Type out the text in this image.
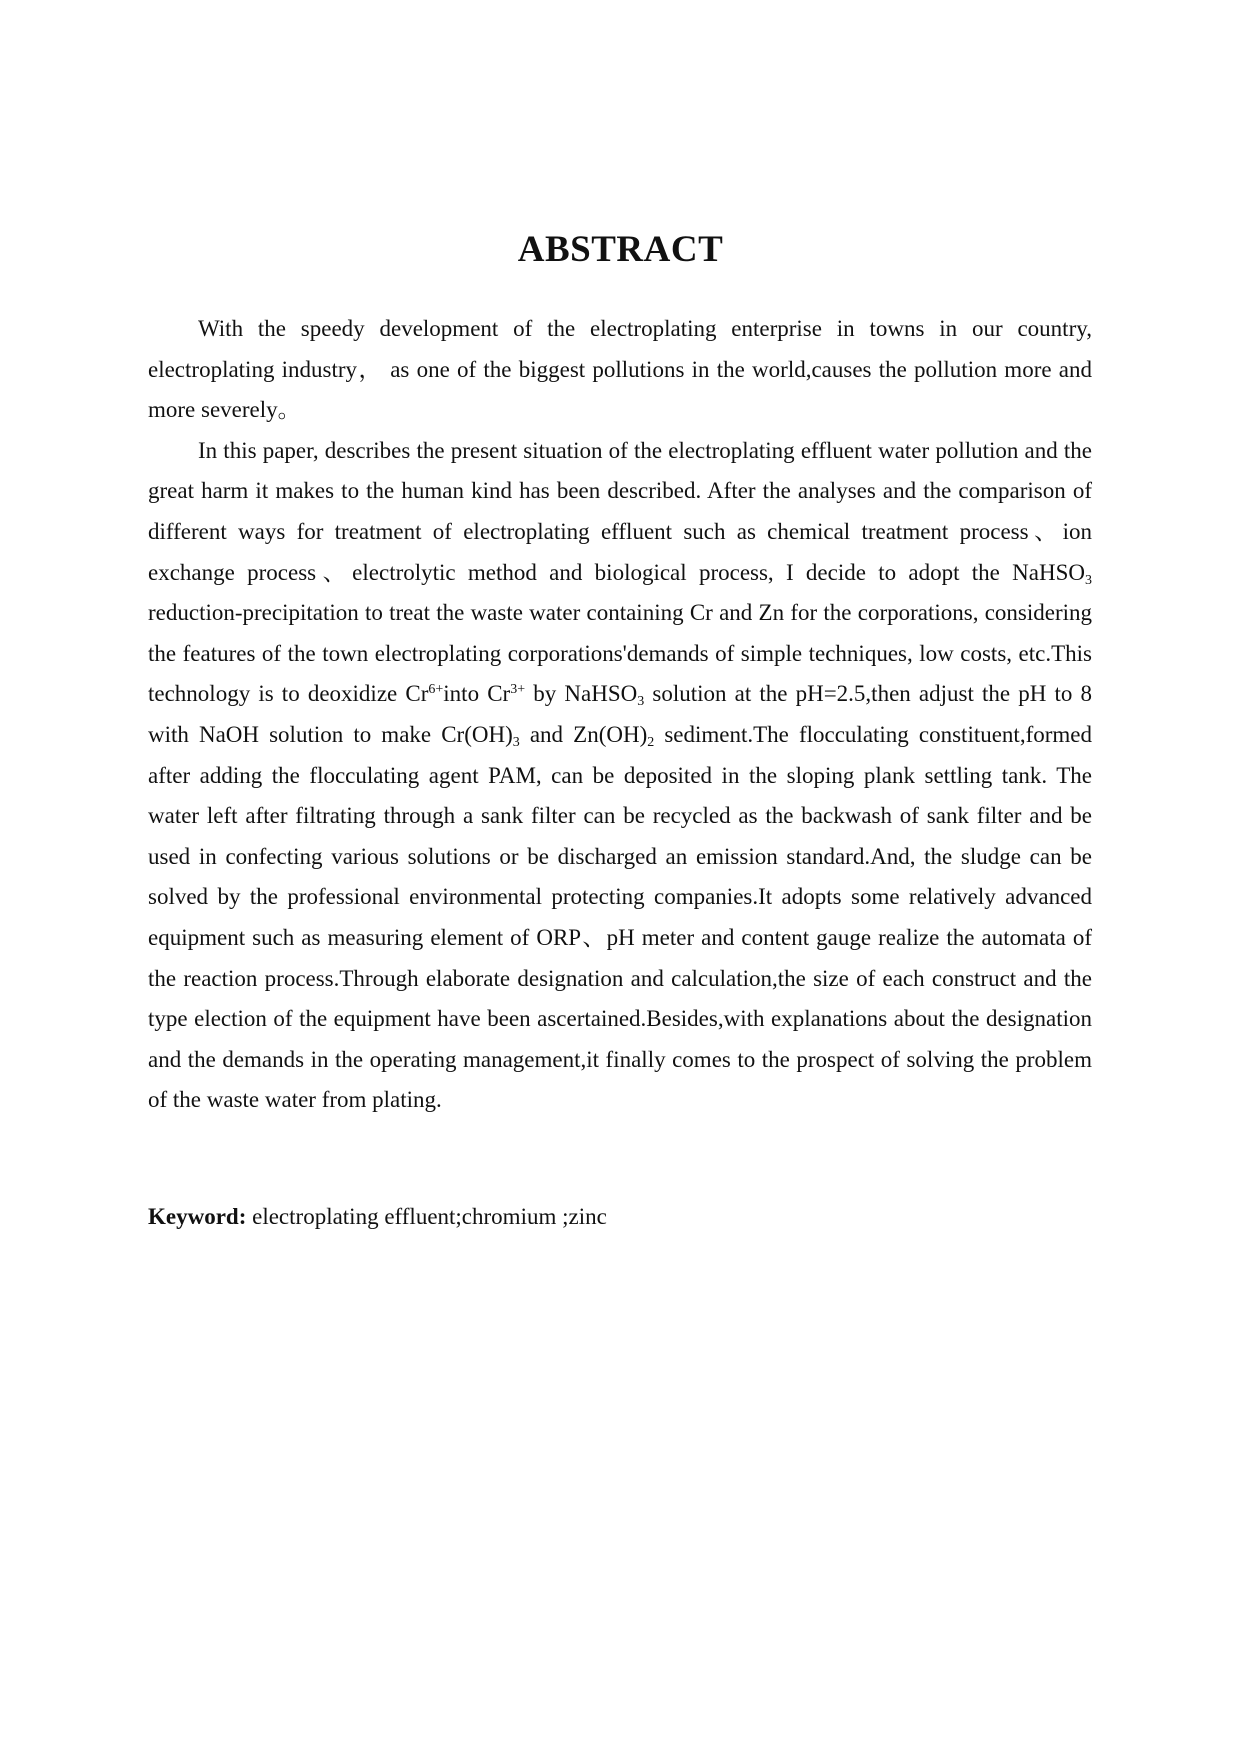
ABSTRACT

With the speedy development of the electroplating enterprise in towns in our country, electroplating industry， as one of the biggest pollutions in the world,causes the pollution more and more severely。

In this paper, describes the present situation of the electroplating effluent water pollution and the great harm it makes to the human kind has been described. After the analyses and the comparison of different ways for treatment of electroplating effluent such as chemical treatment process、ion exchange process、electrolytic method and biological process, I decide to adopt the NaHSO$_3$ reduction-precipitation to treat the waste water containing Cr and Zn for the corporations, considering the features of the town electroplating corporations'demands of simple techniques, low costs, etc.This technology is to deoxidize $Cr^{6+}into$ $Cr^{3+}$ by NaHSO$_3$ solution at the pH=2.5,then adjust the pH to 8 with NaOH solution to make $Cr(OH)_3$ and $Zn(OH)_2$ sediment.The flocculating constituent,formed after adding the flocculating agent PAM, can be deposited in the sloping plank settling tank. The water left after filtrating through a sank filter can be recycled as the backwash of sank filter and be used in confecting various solutions or be discharged an emission standard.And, the sludge can be solved by the professional environmental protecting companies.It adopts some relatively advanced equipment such as measuring element of ORP、pH meter and content gauge realize the automata of the reaction process.Through elaborate designation and calculation,the size of each construct and the type election of the equipment have been ascertained.Besides,with explanations about the designation and the demands in the operating management,it finally comes to the prospect of solving the problem of the waste water from plating.

Keyword: electroplating effluent;chromium ;zinc
